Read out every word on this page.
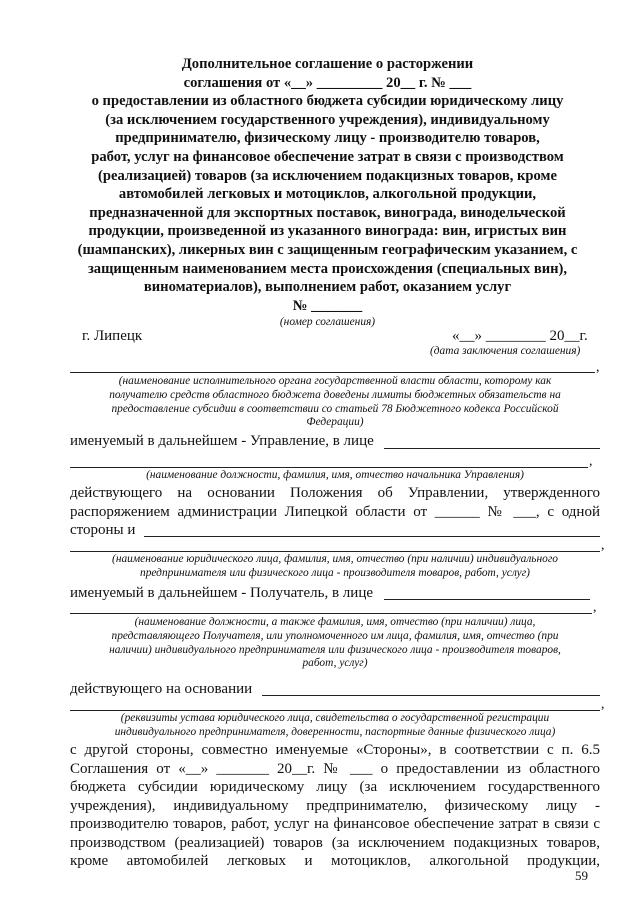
Дополнительное соглашение о расторжении
соглашения от «__» _________ 20__ г. № ___
о предоставлении из областного бюджета субсидии юридическому лицу
(за исключением государственного учреждения), индивидуальному
предпринимателю, физическому лицу - производителю товаров,
работ, услуг на финансовое обеспечение затрат в связи с производством
(реализацией) товаров (за исключением подакцизных товаров, кроме
автомобилей легковых и мотоциклов, алкогольной продукции,
предназначенной для экспортных поставок, винограда, винодельческой
продукции, произведенной из указанного винограда: вин, игристых вин
(шампанских), ликерных вин с защищенным географическим указанием, с
защищенным наименованием места происхождения (специальных вин),
виноматериалов), выполнением работ, оказанием услуг
№ _______
(номер соглашения)
г. Липецк	«__» ________ 20__г.
(дата заключения соглашения)
,
(наименование исполнительного органа государственной власти области, которому как
получателю средств областного бюджета доведены лимиты бюджетных обязательств на
предоставление субсидии в соответствии со статьей 78 Бюджетного кодекса Российской
Федерации)
именуемый в дальнейшем - Управление, в лице
,
(наименование должности, фамилия, имя, отчество начальника Управления)
действующего на основании Положения об Управлении, утвержденного
распоряжением администрации Липецкой области от ______ № ___, с одной
стороны и
,
(наименование юридического лица, фамилия, имя, отчество (при наличии) индивидуального
предпринимателя или физического лица - производителя товаров, работ, услуг)
именуемый в дальнейшем - Получатель, в лице
,
(наименование должности, а также фамилия, имя, отчество (при наличии) лица,
представляющего Получателя, или уполномоченного им лица, фамилия, имя, отчество (при
наличии) индивидуального предпринимателя или физического лица - производителя товаров,
работ, услуг)
действующего на основании
,
(реквизиты устава юридического лица, свидетельства о государственной регистрации
индивидуального предпринимателя, доверенности, паспортные данные физического лица)
с другой стороны, совместно именуемые «Стороны», в соответствии с п. 6.5
Соглашения от «__» _______ 20__г. № ___ о предоставлении из областного
бюджета субсидии юридическому лицу (за исключением государственного
учреждения), индивидуальному предпринимателю, физическому лицу -
производителю товаров, работ, услуг на финансовое обеспечение затрат в связи с
производством (реализацией) товаров (за исключением подакцизных товаров,
кроме автомобилей легковых и мотоциклов, алкогольной продукции,
59
